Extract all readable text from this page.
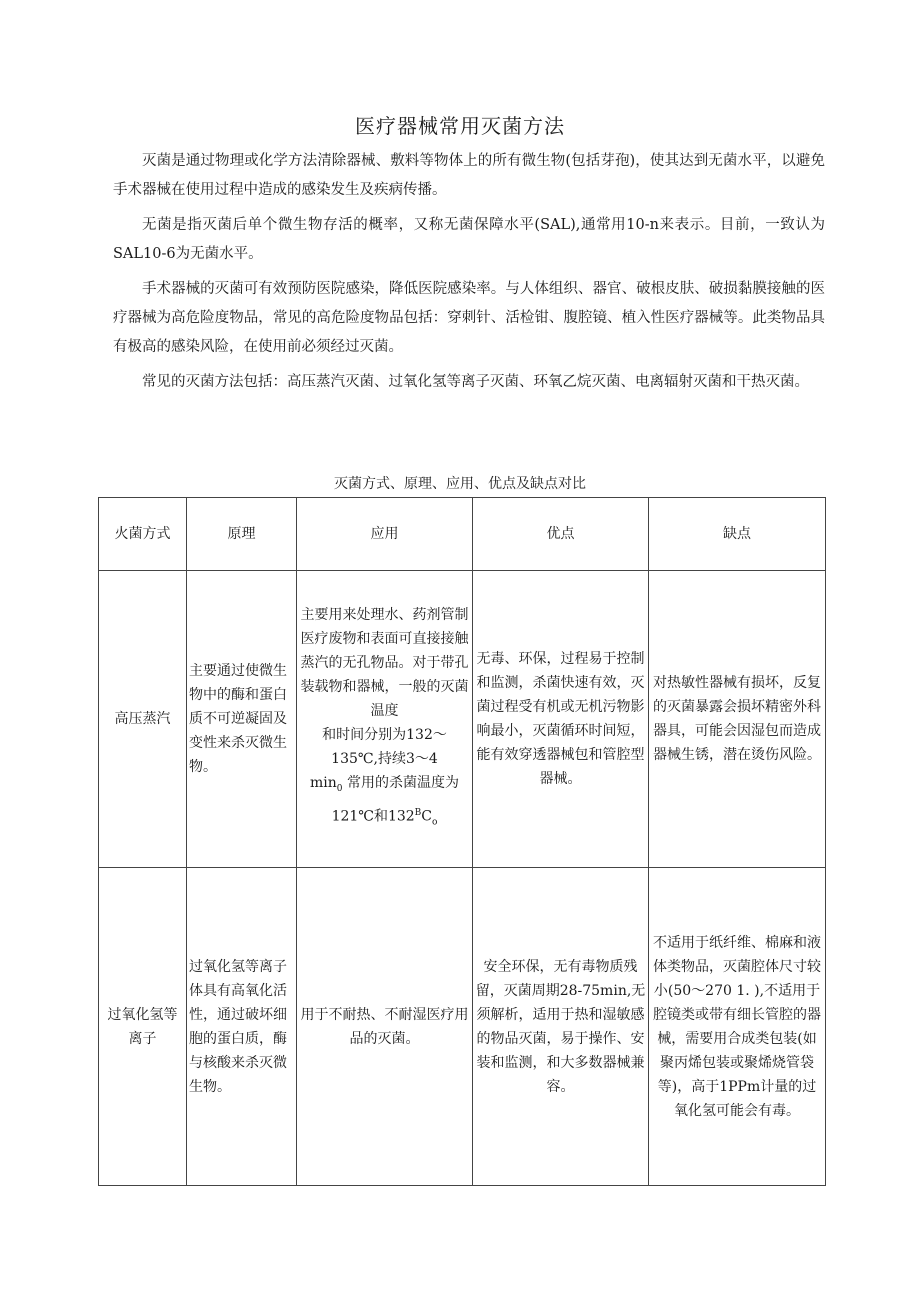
医疗器械常用灭菌方法

灭菌是通过物理或化学方法清除器械、敷料等物体上的所有微生物(包括芽孢)，使其达到无菌水平，以避免手术器械在使用过程中造成的感染发生及疾病传播。

无菌是指灭菌后单个微生物存活的概率，又称无菌保障水平(SAL),通常用10-n来表示。目前，一致认为SAL10-6为无菌水平。

手术器械的灭菌可有效预防医院感染，降低医院感染率。与人体组织、器官、破根皮肤、破损黏膜接触的医疗器械为高危险度物品，常见的高危险度物品包括：穿刺针、活检钳、腹腔镜、植入性医疗器械等。此类物品具有极高的感染风险，在使用前必须经过灭菌。

常见的灭菌方法包括：高压蒸汽灭菌、过氧化氢等离子灭菌、环氧乙烷灭菌、电离辐射灭菌和干热灭菌。

灭菌方式、原理、应用、优点及缺点对比
火菌方式	原理	应用	优点	缺点
高压蒸汽	主要通过使微生物中的酶和蛋白质不可逆凝固及变性来杀灭微生物。	主要用来处理水、药剂管制医疗废物和表面可直接接触蒸汽的无孔物品。对于带孔装载物和器械，一般的灭菌温度
和时间分别为132～135℃,持续3～4
$\min_0$ 常用的杀菌温度为121℃和$132^BC_o$	无毒、环保，过程易于控制和监测，杀菌快速有效，灭菌过程受有机或无机污物影响最小，灭菌循环时间短，能有效穿透器械包和管腔型器械。	对热敏性器械有损坏，反复的灭菌暴露会损坏精密外科器具，可能会因湿包而造成器械生锈，潜在烫伤风险。
过氧化氢等离子	过氧化氢等离子体具有高氧化活性，通过破坏细胞的蛋白质，酶与核酸来杀灭微生物。	用于不耐热、不耐湿医疗用品的灭菌。	安全环保，无有毒物质残留，灭菌周期28-75min,无须解析，适用于热和湿敏感的物品灭菌，易于操作、安装和监测，和大多数器械兼容。	不适用于纸纤维、棉麻和液体类物品，灭菌腔体尺寸较小(50～270 1. ),不适用于腔镜类或带有细长管腔的器械，需要用合成类包装(如聚丙烯包装或聚烯烧管袋等)，高于1PPm计量的过氧化氢可能会有毒。
